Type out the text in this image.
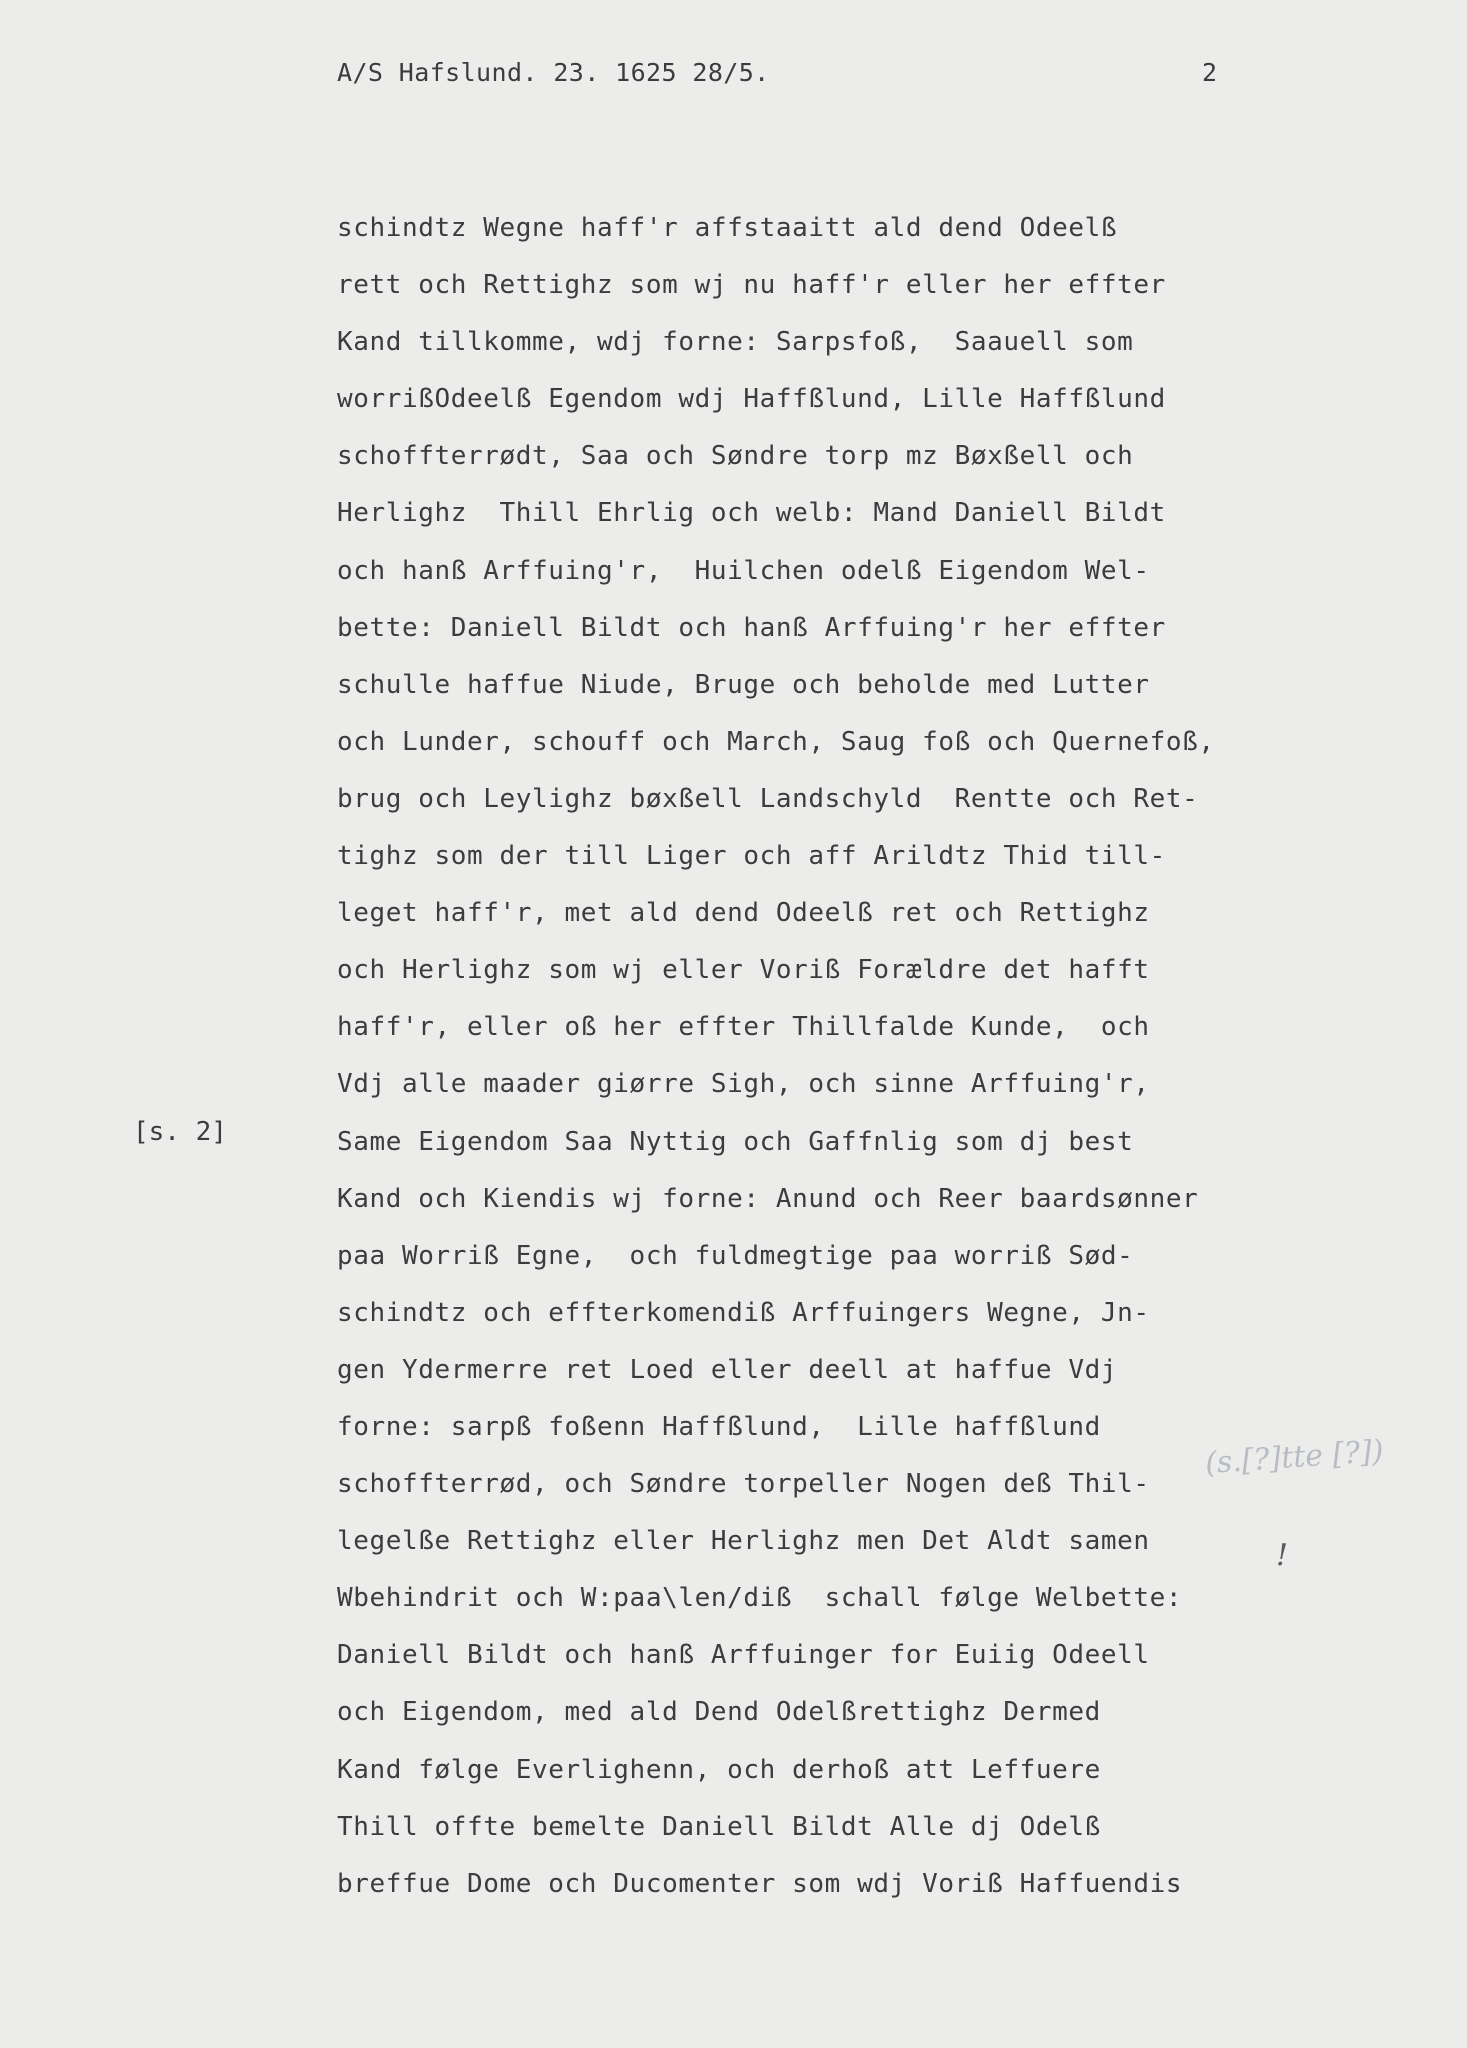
A/S Hafslund. 23. 1625 28/5.	2
[s. 2]
(s.[?]tte [?])
!
schindtz Wegne haff'r affstaaitt ald dend Odeelß
rett och Rettighz som wj nu haff'r eller her effter
Kand tillkomme, wdj forne: Sarpsfoß,  Saauell som
worrißOdeelß Egendom wdj Haffßlund, Lille Haffßlund
schoffterrødt, Saa och Søndre torp mz Bøxßell och
Herlighz  Thill Ehrlig och welb: Mand Daniell Bildt
och hanß Arffuing'r,  Huilchen odelß Eigendom Wel-
bette: Daniell Bildt och hanß Arffuing'r her effter
schulle haffue Niude, Bruge och beholde med Lutter
och Lunder, schouff och March, Saug foß och Quernefoß,
brug och Leylighz bøxßell Landschyld  Rentte och Ret-
tighz som der till Liger och aff Arildtz Thid till-
leget haff'r, met ald dend Odeelß ret och Rettighz
och Herlighz som wj eller Voriß Forældre det hafft
haff'r, eller oß her effter Thillfalde Kunde,  och
Vdj alle maader giørre Sigh, och sinne Arffuing'r,
Same Eigendom Saa Nyttig och Gaffnlig som dj best
Kand och Kiendis wj forne: Anund och Reer baardsønner
paa Worriß Egne,  och fuldmegtige paa worriß Sød-
schindtz och effterkomendiß Arffuingers Wegne, Jn-
gen Ydermerre ret Loed eller deell at haffue Vdj
forne: sarpß foßenn Haffßlund,  Lille haffßlund
schoffterrød, och Søndre torpeller Nogen deß Thil-
legelße Rettighz eller Herlighz men Det Aldt samen
Wbehindrit och W:paa\len/diß  schall følge Welbette:
Daniell Bildt och hanß Arffuinger for Euiig Odeell
och Eigendom, med ald Dend Odelßrettighz Dermed
Kand følge Everlighenn, och derhoß att Leffuere
Thill offte bemelte Daniell Bildt Alle dj Odelß
breffue Dome och Ducomenter som wdj Voriß Haffuendis
